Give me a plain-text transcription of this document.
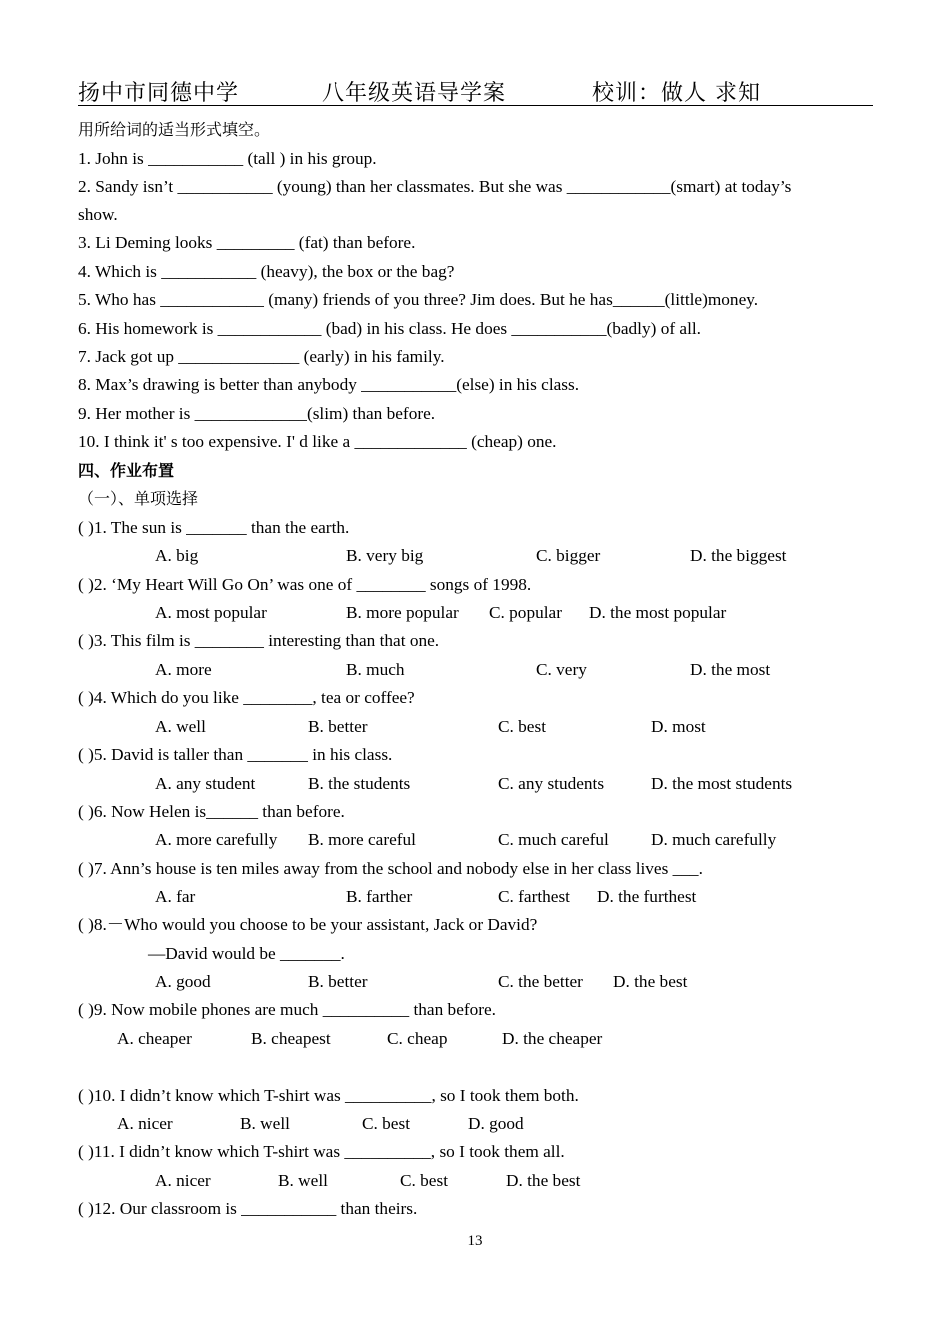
扬中市同德中学	八年级英语导学案	校训：做人 求知
用所给词的适当形式填空。
1. John is ___________ (tall ) in his group.
2. Sandy isn’t ___________ (young) than her classmates. But she was ____________(smart) at today’s
show.
3. Li Deming looks _________ (fat) than before.
4. Which is ___________ (heavy), the box or the bag?
5. Who has ____________ (many) friends of you three? Jim does. But he has______(little)money.
6. His homework is ____________ (bad) in his class. He does ___________(badly) of all.
7. Jack got up ______________ (early) in his family.
8. Max’s drawing is better than anybody ___________(else) in his class.
9. Her mother is _____________(slim) than before.
10. I think it' s too expensive. I' d like a _____________ (cheap) one.
四、作业布置
（一）、单项选择
( )1. The sun is _______ than the earth.
A. big	B. very big	C. bigger	D. the biggest
( )2. ‘My Heart Will Go On’ was one of ________ songs of 1998.
A. most popular	B. more popular C. popular D. the most popular
( )3. This film is ________ interesting than that one.
A. more	B. much	C. very	D. the most
( )4. Which do you like ________, tea or coffee?
A. well	B. better	C. best	D. most
( )5. David is taller than _______ in his class.
A. any student	B. the students	C. any students	D. the most students
( )6. Now Helen is______ than before.
A. more carefully B. more careful	C. much careful D. much carefully
( )7. Ann’s house is ten miles away from the school and nobody else in her class lives ___.
A. far	B. farther	C. farthest D. the furthest
( )8.－Who would you choose to be your assistant, Jack or David?
—David would be _______.
A. good	B. better	C. the better D. the best
( )9. Now mobile phones are much __________ than before.
A. cheaper	B. cheapest	C. cheap	D. the cheaper
( )10. I didn’t know which T-shirt was __________, so I took them both.
A. nicer	B. well	C. best	D. good
( )11. I didn’t know which T-shirt was __________, so I took them all.
A. nicer	B. well	C. best	D. the best
( )12. Our classroom is ___________ than theirs.
13
